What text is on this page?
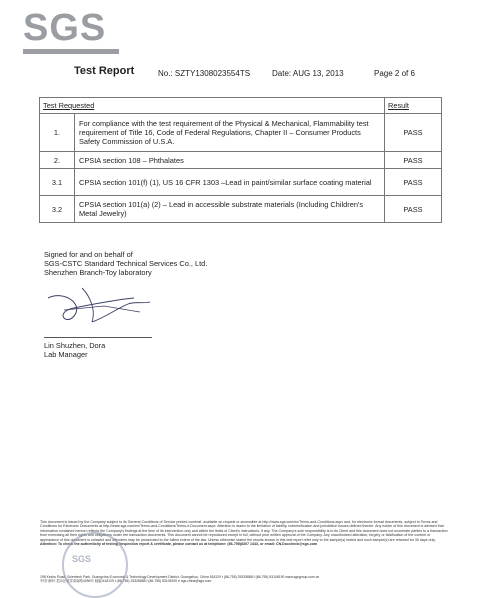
SGS
Test Report	No.: SZTY1308023554TS	Date: AUG 13, 2013	Page 2 of 6
Test Requested		Result
1.	For compliance with the test requirement of the Physical & Mechanical, Flammability test requirement of Title 16, Code of Federal Regulations, Chapter II – Consumer Products Safety Commission of U.S.A.	PASS
2.	CPSIA section 108 – Phthalates	PASS
3.1	CPSIA section 101(f) (1), US 16 CFR 1303 –Lead in paint/similar surface coating material	PASS
3.2	CPSIA section 101(a) (2) – Lead in accessible substrate materials (Including Children's Metal Jewelry)	PASS
Signed for and on behalf of
SGS-CSTC Standard Technical Services Co., Ltd.
Shenzhen Branch-Toy laboratory
Lin Shuzhen, Dora
Lab Manager
This document is issued by the Company subject to its General Conditions of Service printed overleaf, available on request or accessible at http://www.sgs.com/en/Terms-and-Conditions.aspx and, for electronic format documents, subject to Terms and Conditions for Electronic Documents at http://www.sgs.com/en/Terms-and-Conditions/Terms-e-Document.aspx. Attention is drawn to the limitation of liability, indemnification and jurisdiction issues defined therein. Any holder of this document is advised that information contained hereon reflects the Company's findings at the time of its intervention only and within the limits of Client's instructions, if any. The Company's sole responsibility is to its Client and this document does not exonerate parties to a transaction from exercising all their rights and obligations under the transaction documents. This document cannot be reproduced except in full, without prior written approval of the Company. Any unauthorized alteration, forgery or falsification of the content or appearance of this document is unlawful and offenders may be prosecuted to the fullest extent of the law. Unless otherwise stated the results shown in this test report refer only to the sample(s) tested and such sample(s) are retained for 30 days only.
Attention: To check the authenticity of testing /inspection report & certificate, please contact us at telephone: (86-755)8307 1443, or email: CN.Doccheck@sgs.com
198 Kezhu Road, Scientech Park, Guangzhou Economic & Technology Development District, Guangzhou, China 518129 t (86-755) 25328888 f (86-755) 83108190 www.sgsgroup.com.cn
中国·深圳·龙岗区坂雪岗南路4096号 邮编:518129 t (86-755) 25328888 f (86-755) 83108190 e sgs.china@sgs.com
SGS
